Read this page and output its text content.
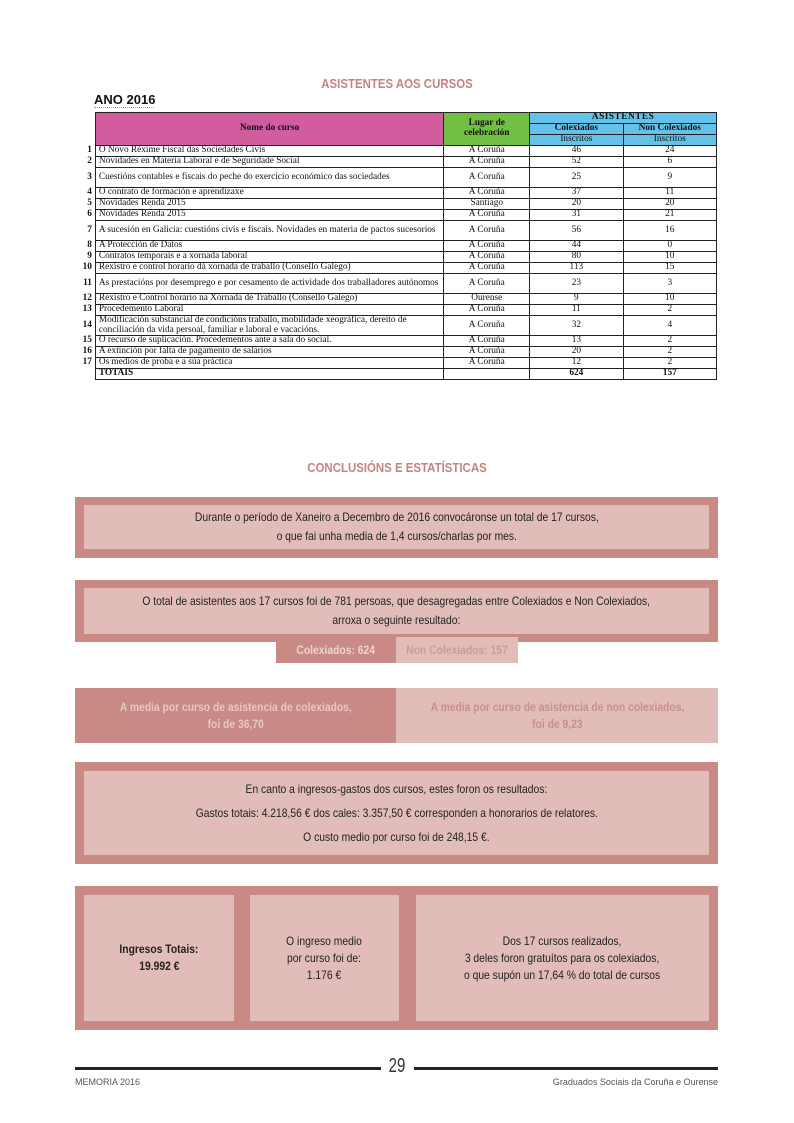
ASISTENTES AOS CURSOS
ANO 2016
	Nome do curso	Lugar de celebración	ASISTENTES	
			Colexiados	Non Colexiados
			Inscritos	Inscritos
1	O Novo Réxime Fiscal das Sociedades Civís	A Coruña	46	24
2	Novidades en Materia Laboral e de Seguridade Social	A Coruña	52	6
3	Cuestións contables e fiscais do peche do exercicio económico das sociedades	A Coruña	25	9
4	O contrato de formación e aprendizaxe	A Coruña	37	11
5	Novidades Renda 2015	Santiago	20	20
6	Novidades Renda 2015	A Coruña	31	21
7	A sucesión en Galicia: cuestións civís e fiscais. Novidades en materia de pactos sucesorios	A Coruña	56	16
8	A Protección de Datos	A Coruña	44	0
9	Contratos temporais e a xornada laboral	A Coruña	80	10
10	Rexistro e control horario dá xornada de traballo (Consello Galego)	A Coruña	113	15
11	As prestacións por desemprego e por cesamento de actividade dos traballadores autónomos	A Coruña	23	3
12	Rexistro e Control horario na Xornada de Traballo (Consello Galego)	Ourense	9	10
13	Procedemento Laboral	A Coruña	11	2
14	Modificación substancial de condicións traballo, mobilidade xeográfica, dereito de conciliación da vida persoal, familiar e laboral e vacacións.	A Coruña	32	4
15	O recurso de suplicación. Procedementos ante a sala do social.	A Coruña	13	2
16	A extinción por falta de pagamento de salarios	A Coruña	20	2
17	Os medios de proba e a súa práctica	A Coruña	12	2
	TOTAIS		624	157
CONCLUSIÓNS E ESTATÍSTICAS
Durante o período de Xaneiro a Decembro de 2016 convocáronse un total de 17 cursos,
o que fai unha media de 1,4 cursos/charlas por mes.
O total de asistentes aos 17 cursos foi de 781 persoas, que desagregadas entre Colexiados e Non Colexiados,
arroxa o seguinte resultado:
Colexiados: 624	Non Colexiados: 157
A media por curso de asistencia de colexiados,
foi de 36,70
A media por curso de asistencia de non colexiados,
foi de 9,23
En canto a ingresos-gastos dos cursos, estes foron os resultados:
Gastos totais: 4.218,56 € dos cales: 3.357,50 € corresponden a honorarios de relatores.
O custo medio por curso foi de 248,15 €.
Ingresos Totais:
19.992 €
O ingreso medio
por curso foi de:
1.176 €
Dos 17 cursos realizados,
3 deles foron gratuítos para os colexiados,
o que supón un 17,64 % do total de cursos
29
MEMORIA 2016	Graduados Sociais da Coruña e Ourense
